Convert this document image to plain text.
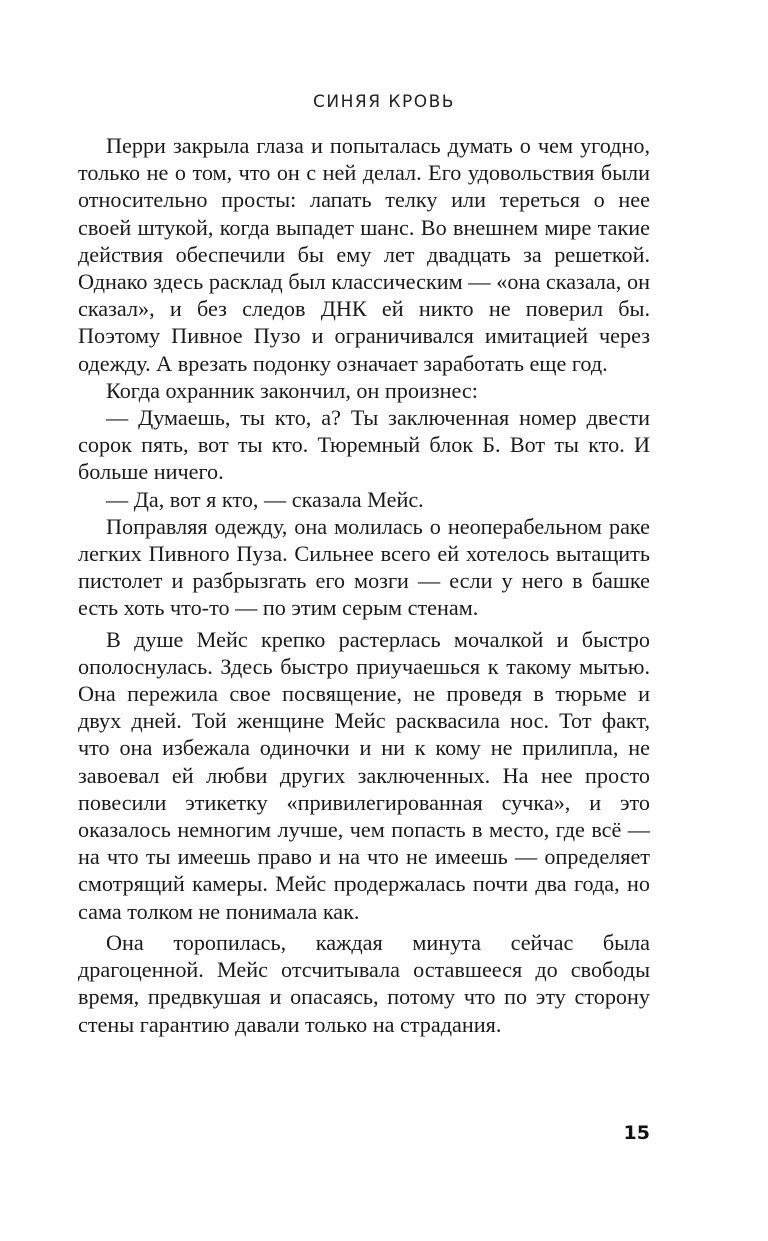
СИНЯЯ КРОВЬ

Перри закрыла глаза и попыталась думать о чем угодно, только не о том, что он с ней делал. Его удовольствия были относительно просты: лапать телку или тереться о нее своей штукой, когда выпадет шанс. Во внешнем мире такие действия обеспечили бы ему лет двадцать за решеткой. Однако здесь расклад был классическим — «она сказала, он сказал», и без следов ДНК ей никто не поверил бы. Поэтому Пивное Пузо и ограничивался имитацией через одежду. А врезать подонку означает заработать еще год.

Когда охранник закончил, он произнес:

— Думаешь, ты кто, а? Ты заключенная номер двести сорок пять, вот ты кто. Тюремный блок Б. Вот ты кто. И больше ничего.

— Да, вот я кто, — сказала Мейс.

Поправляя одежду, она молилась о неоперабельном раке легких Пивного Пуза. Сильнее всего ей хотелось вытащить пистолет и разбрызгать его мозги — если у него в башке есть хоть что-то — по этим серым стенам.

В душе Мейс крепко растерлась мочалкой и быстро ополоснулась. Здесь быстро приучаешься к такому мытью. Она пережила свое посвящение, не проведя в тюрьме и двух дней. Той женщине Мейс расквасила нос. Тот факт, что она избежала одиночки и ни к кому не прилипла, не завоевал ей любви других заключенных. На нее просто повесили этикетку «привилегированная сучка», и это оказалось немногим лучше, чем попасть в место, где всё — на что ты имеешь право и на что не имеешь — определяет смотрящий камеры. Мейс продержалась почти два года, но сама толком не понимала как.

Она торопилась, каждая минута сейчас была драгоценной. Мейс отсчитывала оставшееся до свободы время, предвкушая и опасаясь, потому что по эту сторону стены гарантию давали только на страдания.

15
